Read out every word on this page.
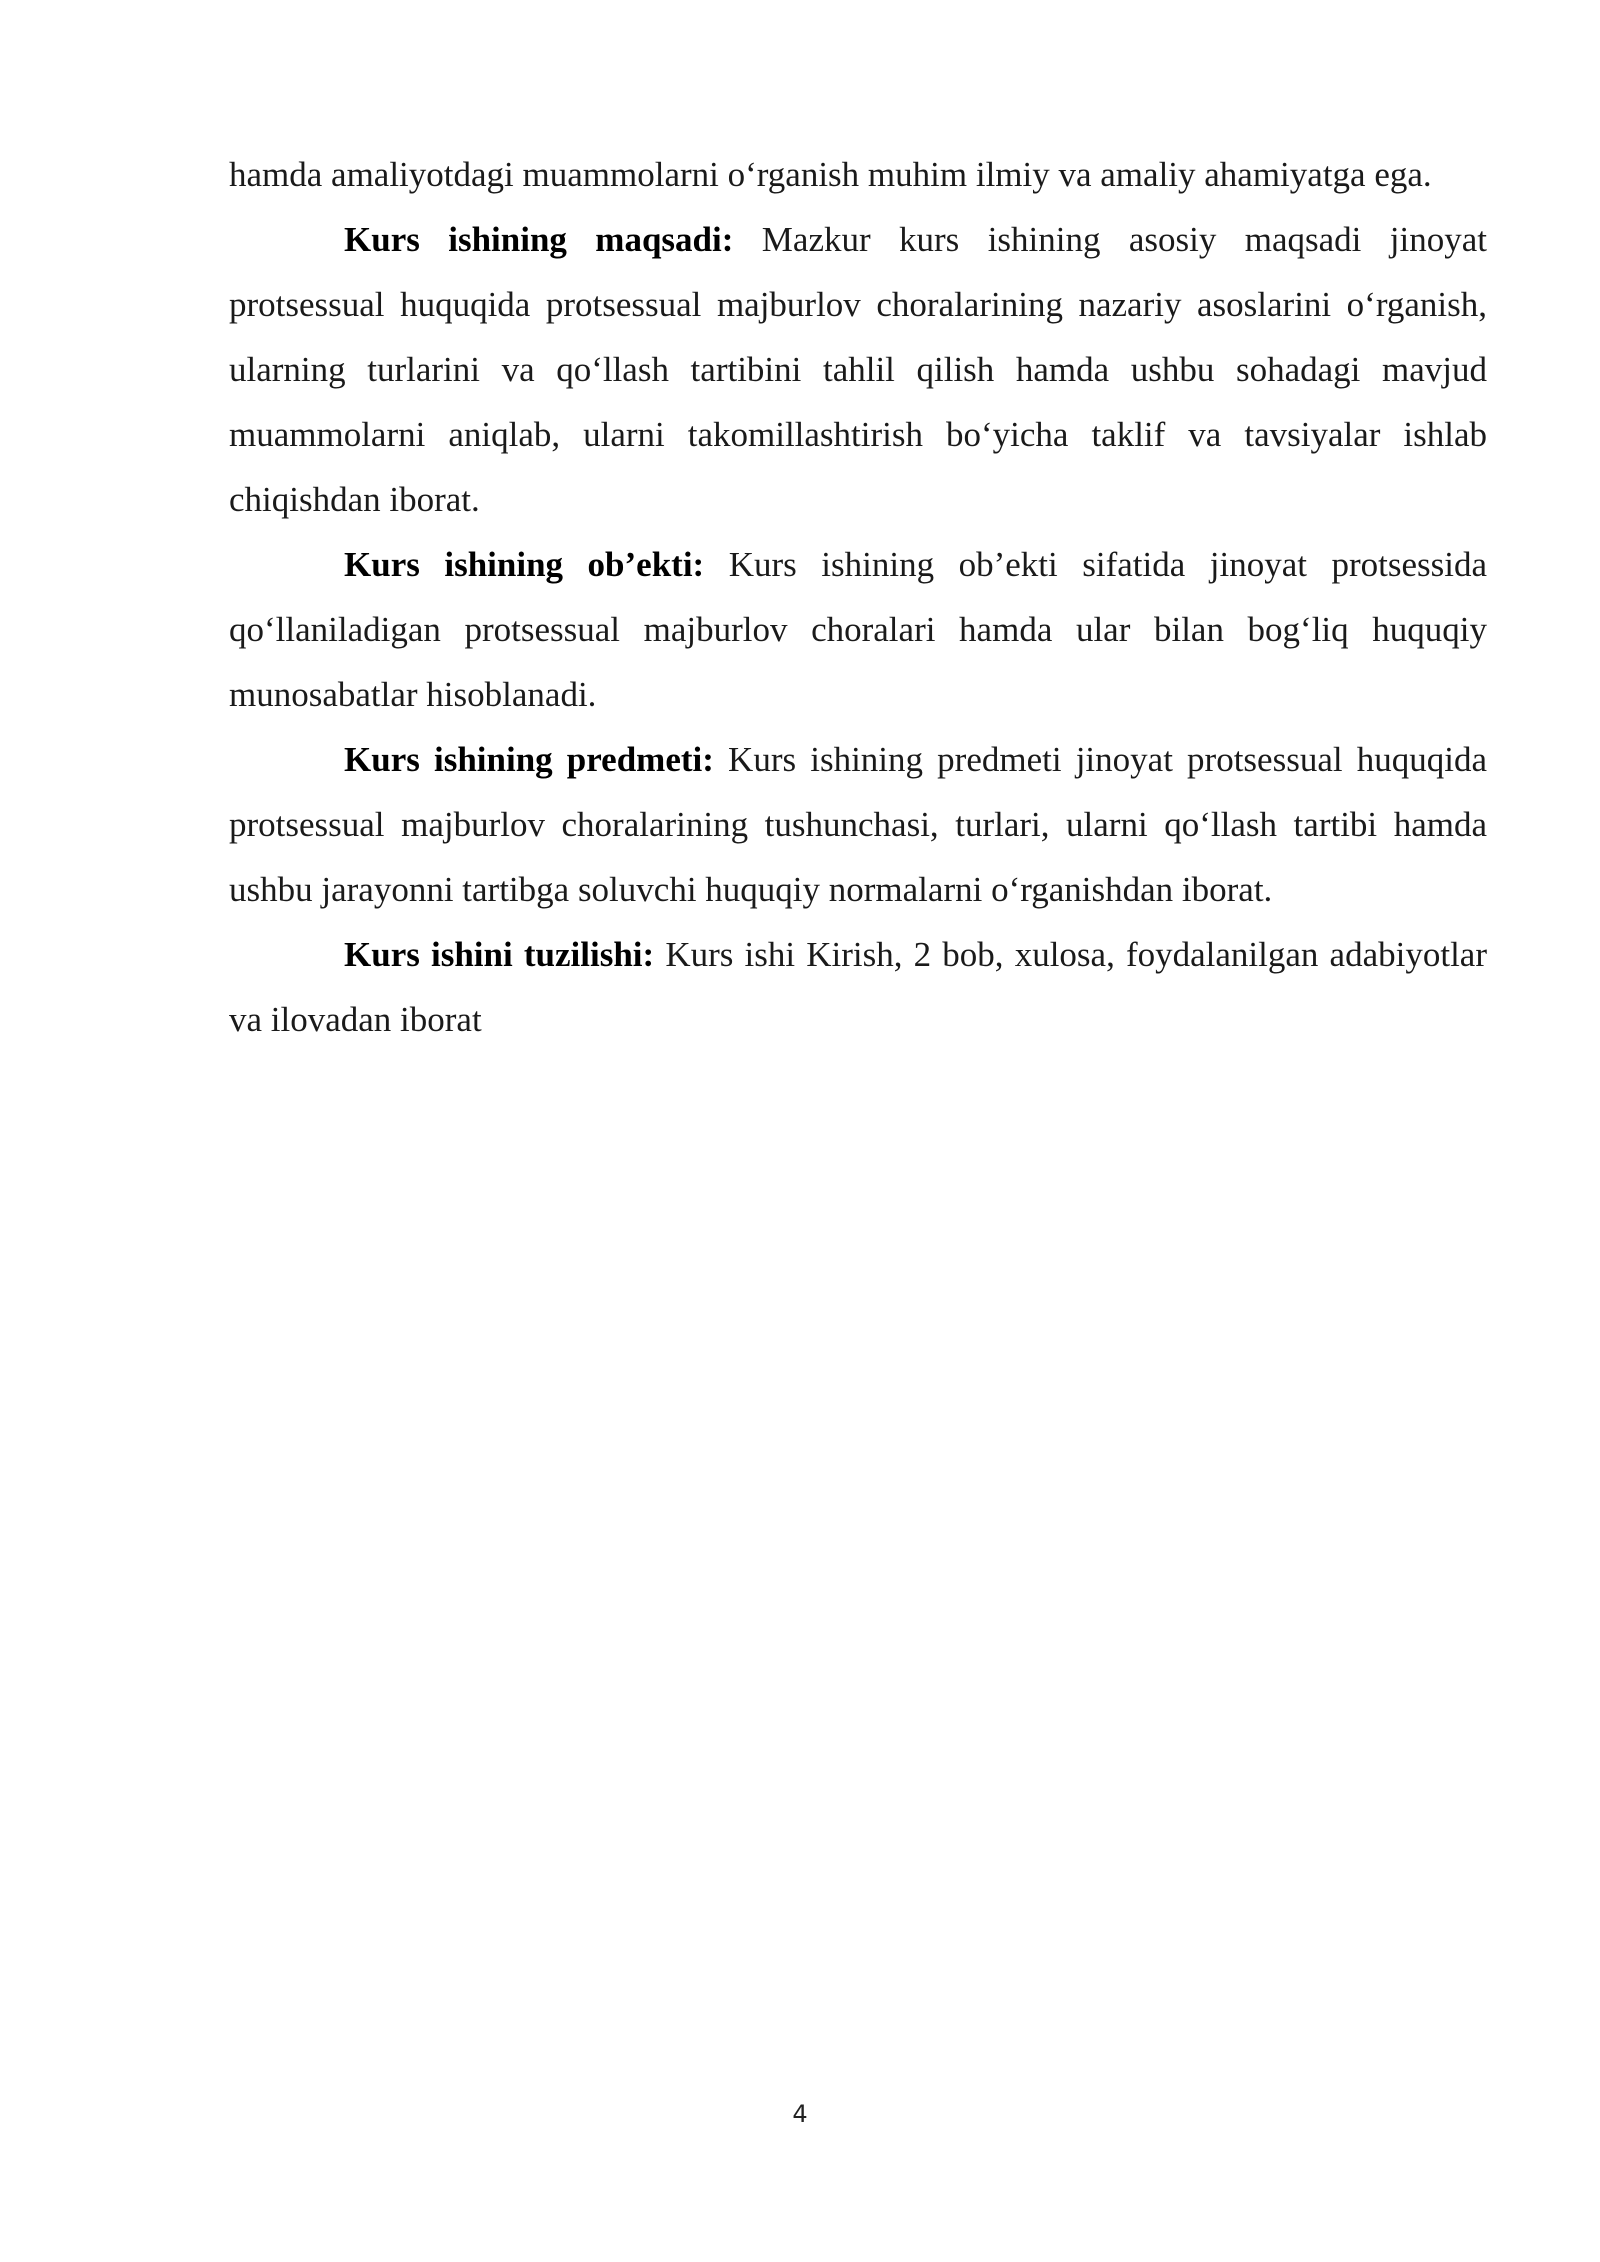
hamda amaliyotdagi muammolarni o‘rganish muhim ilmiy va amaliy ahamiyatga ega.

Kurs ishining maqsadi: Mazkur kurs ishining asosiy maqsadi jinoyat protsessual huquqida protsessual majburlov choralarining nazariy asoslarini o‘rganish, ularning turlarini va qo‘llash tartibini tahlil qilish hamda ushbu sohadagi mavjud muammolarni aniqlab, ularni takomillashtirish bo‘yicha taklif va tavsiyalar ishlab chiqishdan iborat.

Kurs ishining ob’ekti: Kurs ishining ob’ekti sifatida jinoyat protsessida qo‘llaniladigan protsessual majburlov choralari hamda ular bilan bog‘liq huquqiy munosabatlar hisoblanadi.

Kurs ishining predmeti: Kurs ishining predmeti jinoyat protsessual huquqida protsessual majburlov choralarining tushunchasi, turlari, ularni qo‘llash tartibi hamda ushbu jarayonni tartibga soluvchi huquqiy normalarni o‘rganishdan iborat.

Kurs ishini tuzilishi: Kurs ishi Kirish, 2 bob, xulosa, foydalanilgan adabiyotlar va ilovadan iborat

4
